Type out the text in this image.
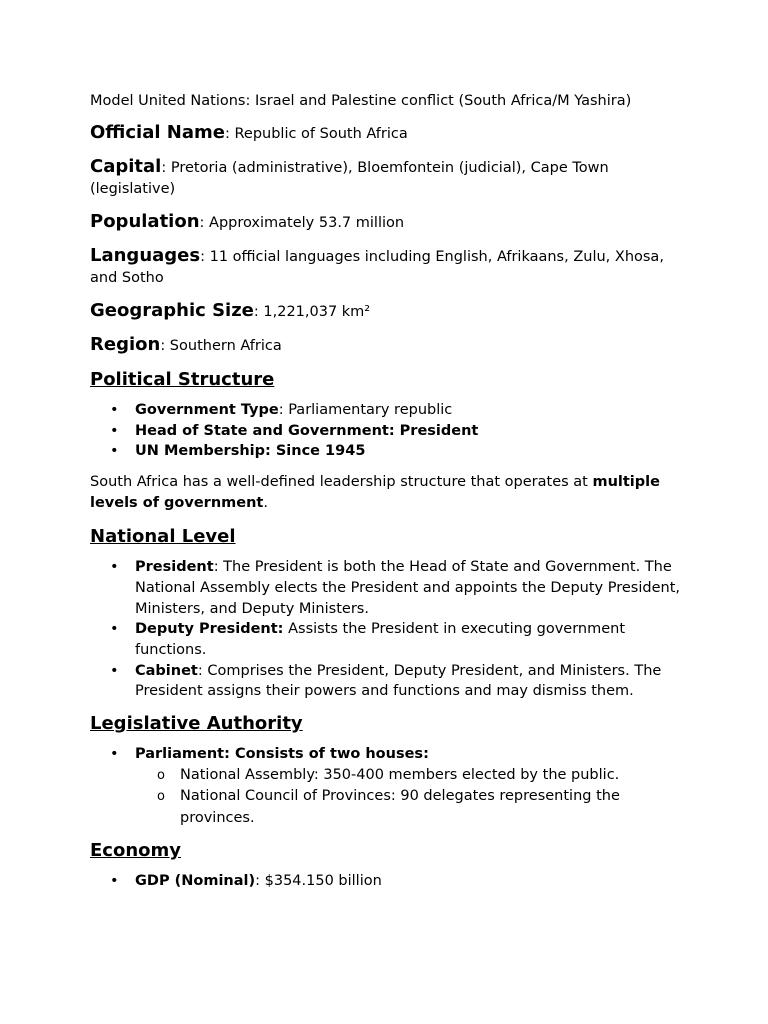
Model United Nations: Israel and Palestine conflict (South Africa/M Yashira)

Official Name: Republic of South Africa

Capital: Pretoria (administrative), Bloemfontein (judicial), Cape Town (legislative)

Population: Approximately 53.7 million

Languages: 11 official languages including English, Afrikaans, Zulu, Xhosa, and Sotho

Geographic Size: 1,221,037 km²

Region: Southern Africa

Political Structure

• Government Type: Parliamentary republic
• Head of State and Government: President
• UN Membership: Since 1945

South Africa has a well-defined leadership structure that operates at multiple levels of government.

National Level

• President: The President is both the Head of State and Government. The National Assembly elects the President and appoints the Deputy President, Ministers, and Deputy Ministers.
• Deputy President: Assists the President in executing government functions.
• Cabinet: Comprises the President, Deputy President, and Ministers. The President assigns their powers and functions and may dismiss them.

Legislative Authority

• Parliament: Consists of two houses:
o National Assembly: 350-400 members elected by the public.
o National Council of Provinces: 90 delegates representing the provinces.

Economy

• GDP (Nominal): $354.150 billion
